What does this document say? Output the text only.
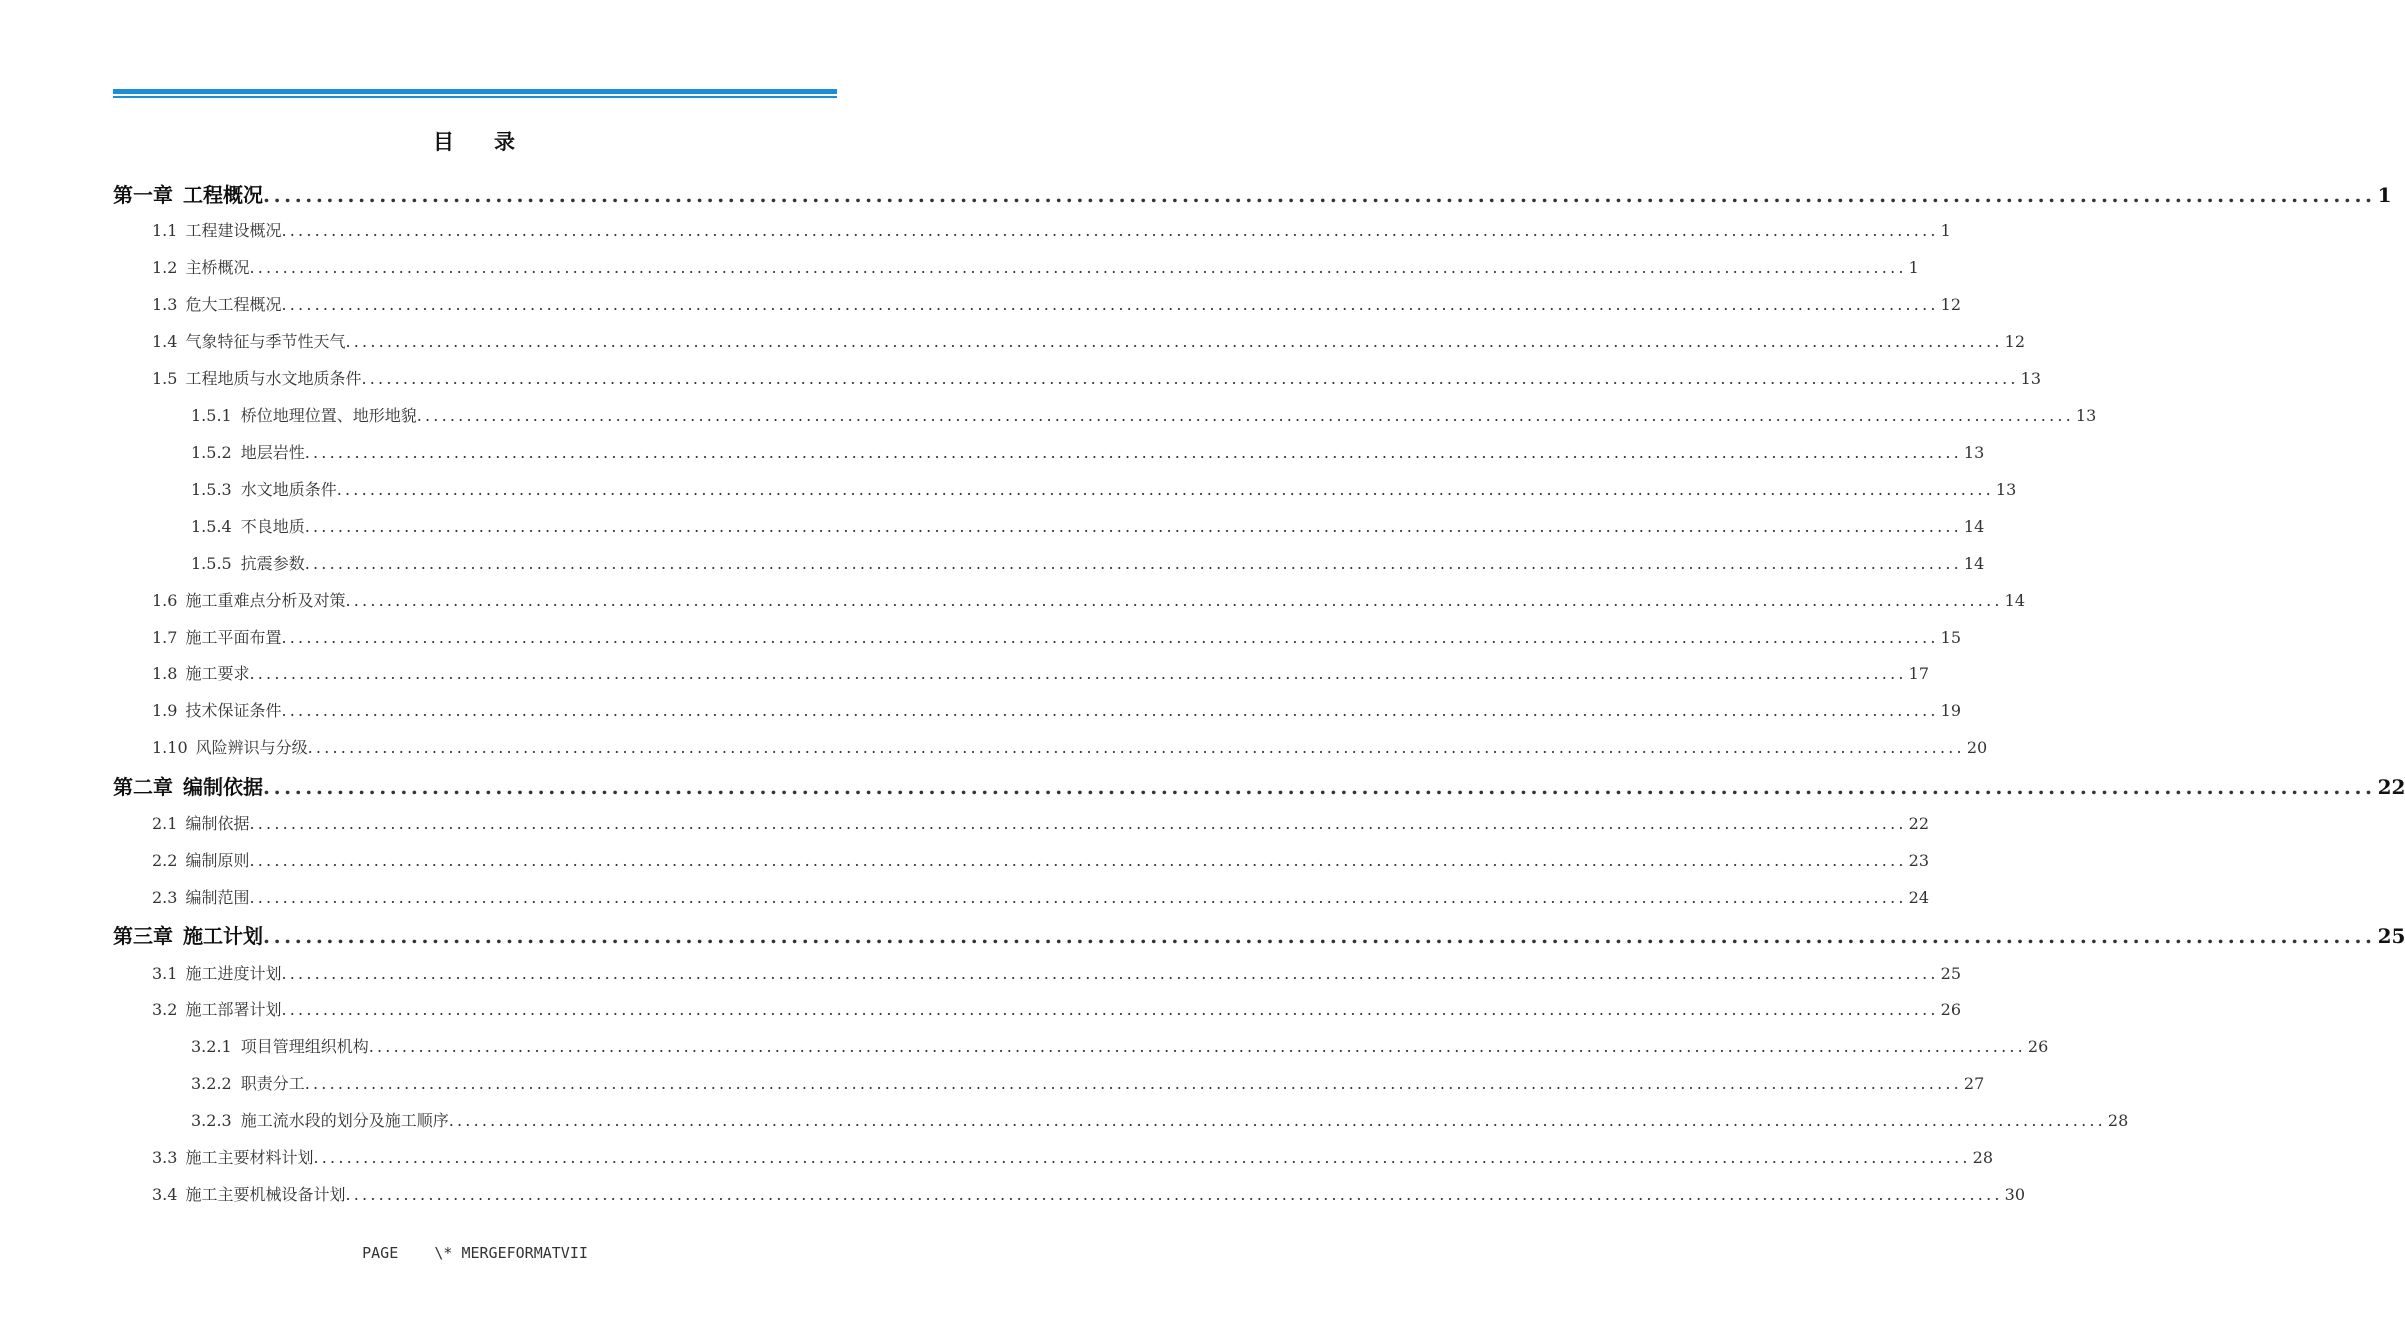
目 录
第一章 工程概况 ........................................................................................................................................................................................................ 1
1.1 工程建设概况 ........................................................................................................................................................................................................ 1
1.2 主桥概况 ........................................................................................................................................................................................................ 1
1.3 危大工程概况 ........................................................................................................................................................................................................ 12
1.4 气象特征与季节性天气 ........................................................................................................................................................................................................ 12
1.5 工程地质与水文地质条件 ........................................................................................................................................................................................................ 13
1.5.1 桥位地理位置、地形地貌 ........................................................................................................................................................................................................ 13
1.5.2 地层岩性 ........................................................................................................................................................................................................ 13
1.5.3 水文地质条件 ........................................................................................................................................................................................................ 13
1.5.4 不良地质 ........................................................................................................................................................................................................ 14
1.5.5 抗震参数 ........................................................................................................................................................................................................ 14
1.6 施工重难点分析及对策 ........................................................................................................................................................................................................ 14
1.7 施工平面布置 ........................................................................................................................................................................................................ 15
1.8 施工要求 ........................................................................................................................................................................................................ 17
1.9 技术保证条件 ........................................................................................................................................................................................................ 19
1.10 风险辨识与分级 ........................................................................................................................................................................................................ 20
第二章 编制依据 ........................................................................................................................................................................................................ 22
2.1 编制依据 ........................................................................................................................................................................................................ 22
2.2 编制原则 ........................................................................................................................................................................................................ 23
2.3 编制范围 ........................................................................................................................................................................................................ 24
第三章 施工计划 ........................................................................................................................................................................................................ 25
3.1 施工进度计划 ........................................................................................................................................................................................................ 25
3.2 施工部署计划 ........................................................................................................................................................................................................ 26
3.2.1 项目管理组织机构 ........................................................................................................................................................................................................ 26
3.2.2 职责分工 ........................................................................................................................................................................................................ 27
3.2.3 施工流水段的划分及施工顺序 ........................................................................................................................................................................................................ 28
3.3 施工主要材料计划 ........................................................................................................................................................................................................ 28
3.4 施工主要机械设备计划 ........................................................................................................................................................................................................ 30
PAGE    \* MERGEFORMATVII
